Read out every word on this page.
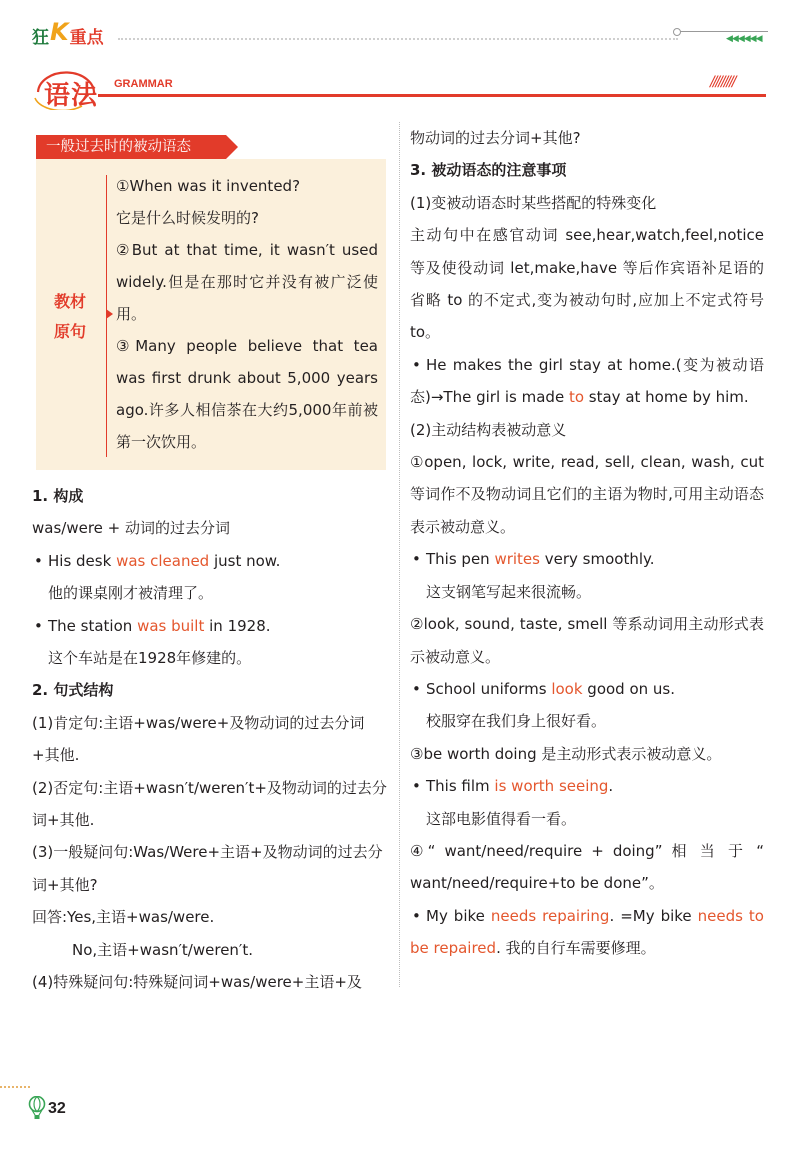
狂 K 重点	◀◀◀◀◀◀
语法 GRAMMAR	/////////
一般过去时的被动语态
教材
原句

①When was it invented?

它是什么时候发明的?

②But at that time, it wasn′t used widely.但是在那时它并没有被广泛使用。

③Many people believe that tea was first drunk about 5,000 years ago.许多人相信茶在大约5,000年前被第一次饮用。

1. 构成

was/were + 动词的过去分词

• His desk was cleaned just now.

他的课桌刚才被清理了。

• The station was built in 1928.

这个车站是在1928年修建的。

2. 句式结构

(1)肯定句:主语+was/were+及物动词的过去分词+其他.

(2)否定句:主语+wasn′t/weren′t+及物动词的过去分词+其他.

(3)一般疑问句:Was/Were+主语+及物动词的过去分词+其他?

回答:Yes,主语+was/were.

No,主语+wasn′t/weren′t.

(4)特殊疑问句:特殊疑问词+was/were+主语+及

物动词的过去分词+其他?

3. 被动语态的注意事项

(1)变被动语态时某些搭配的特殊变化

主动句中在感官动词 see,hear,watch,feel,notice 等及使役动词 let,make,have 等后作宾语补足语的省略 to 的不定式,变为被动句时,应加上不定式符号 to。

• He makes the girl stay at home.(变为被动语态)→The girl is made to stay at home by him.

(2)主动结构表被动意义

①open, lock, write, read, sell, clean, wash, cut 等词作不及物动词且它们的主语为物时,可用主动语态表示被动意义。

• This pen writes very smoothly.

这支钢笔写起来很流畅。

②look, sound, taste, smell 等系动词用主动形式表示被动意义。

• School uniforms look good on us.

校服穿在我们身上很好看。

③be worth doing 是主动形式表示被动意义。

• This film is worth seeing.

这部电影值得看一看。

④“ want/need/require + doing” 相 当 于 “ want/need/require+to be done”。

• My bike needs repairing. =My bike needs to be repaired. 我的自行车需要修理。

32
